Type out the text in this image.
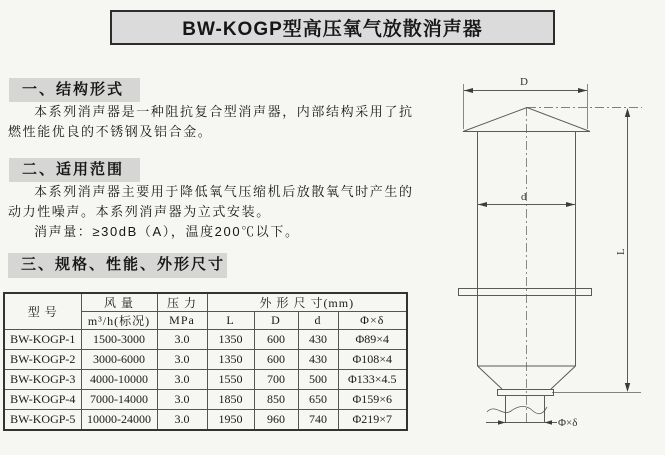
BW-KOGP型高压氧气放散消声器
一、结构形式

本系列消声器是一种阻抗复合型消声器，内部结构采用了抗燃性能优良的不锈钢及铝合金。

二、适用范围

本系列消声器主要用于降低氧气压缩机后放散氧气时产生的动力性噪声。本系列消声器为立式安装。

消声量：≥30dB（A），温度200℃以下。

三、规格、性能、外形尺寸
型 号	风 量	压 力	外 形 尺 寸(mm)			
	m³/h(标况)	MPa	L	D	d	Φ×δ
BW-KOGP-1	1500-3000	3.0	1350	600	430	Φ89×4
BW-KOGP-2	3000-6000	3.0	1350	600	430	Φ108×4
BW-KOGP-3	4000-10000	3.0	1550	700	500	Φ133×4.5
BW-KOGP-4	7000-14000	3.0	1850	850	650	Φ159×6
BW-KOGP-5	10000-24000	3.0	1950	960	740	Φ219×7
D
d
L
Φ×δ
